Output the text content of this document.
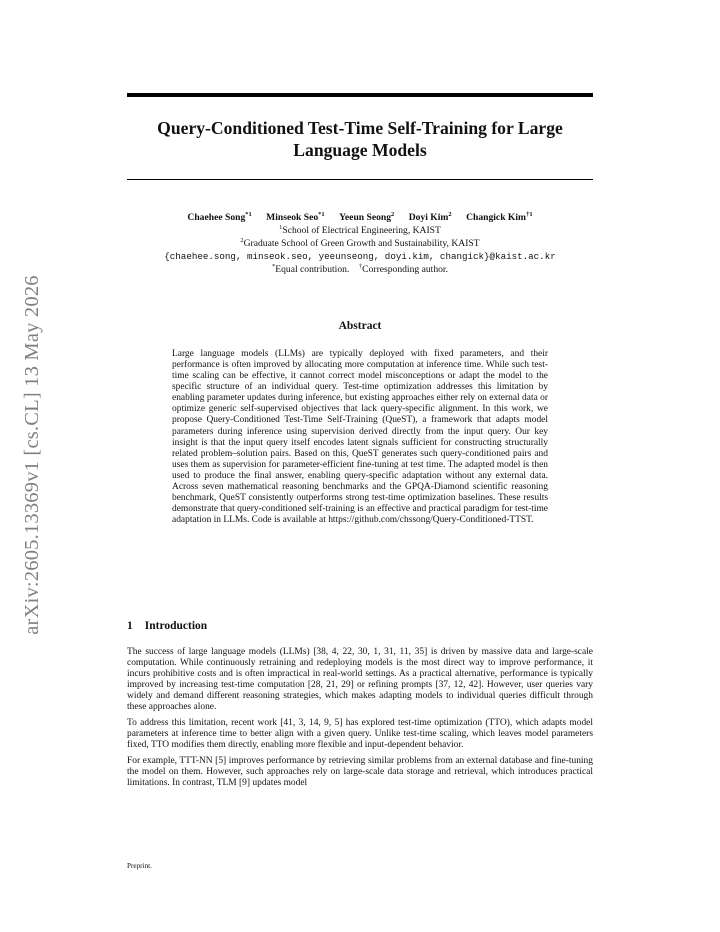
arXiv:2605.13369v1 [cs.CL] 13 May 2026
Query-Conditioned Test-Time Self-Training for Large Language Models
Chaehee Song$^{*1}$ Minseok Seo$^{*1}$ Yeeun Seong$^2$ Doyi Kim$^2$ Changick Kim$^{\dagger 1}$
$^1$School of Electrical Engineering, KAIST
$^2$Graduate School of Green Growth and Sustainability, KAIST
{chaehee.song, minseok.seo, yeeunseong, doyi.kim, changick}@kaist.ac.kr
*Equal contribution. †Corresponding author.
Abstract
Large language models (LLMs) are typically deployed with fixed parameters, and their performance is often improved by allocating more computation at inference time. While such test-time scaling can be effective, it cannot correct model misconceptions or adapt the model to the specific structure of an individual query. Test-time optimization addresses this limitation by enabling parameter updates during inference, but existing approaches either rely on external data or optimize generic self-supervised objectives that lack query-specific alignment. In this work, we propose Query-Conditioned Test-Time Self-Training (QueST), a framework that adapts model parameters during inference using supervision derived directly from the input query. Our key insight is that the input query itself encodes latent signals sufficient for constructing structurally related problem–solution pairs. Based on this, QueST generates such query-conditioned pairs and uses them as supervision for parameter-efficient fine-tuning at test time. The adapted model is then used to produce the final answer, enabling query-specific adaptation without any external data. Across seven mathematical reasoning benchmarks and the GPQA-Diamond scientific reasoning benchmark, QueST consistently outperforms strong test-time optimization baselines. These results demonstrate that query-conditioned self-training is an effective and practical paradigm for test-time adaptation in LLMs. Code is available at https://github.com/chssong/Query-Conditioned-TTST.
1 Introduction

The success of large language models (LLMs) [38, 4, 22, 30, 1, 31, 11, 35] is driven by massive data and large-scale computation. While continuously retraining and redeploying models is the most direct way to improve performance, it incurs prohibitive costs and is often impractical in real-world settings. As a practical alternative, performance is typically improved by increasing test-time computation [28, 21, 29] or refining prompts [37, 12, 42]. However, user queries vary widely and demand different reasoning strategies, which makes adapting models to individual queries difficult through these approaches alone.

To address this limitation, recent work [41, 3, 14, 9, 5] has explored test-time optimization (TTO), which adapts model parameters at inference time to better align with a given query. Unlike test-time scaling, which leaves model parameters fixed, TTO modifies them directly, enabling more flexible and input-dependent behavior.

For example, TTT-NN [5] improves performance by retrieving similar problems from an external database and fine-tuning the model on them. However, such approaches rely on large-scale data storage and retrieval, which introduces practical limitations. In contrast, TLM [9] updates model

Preprint.
